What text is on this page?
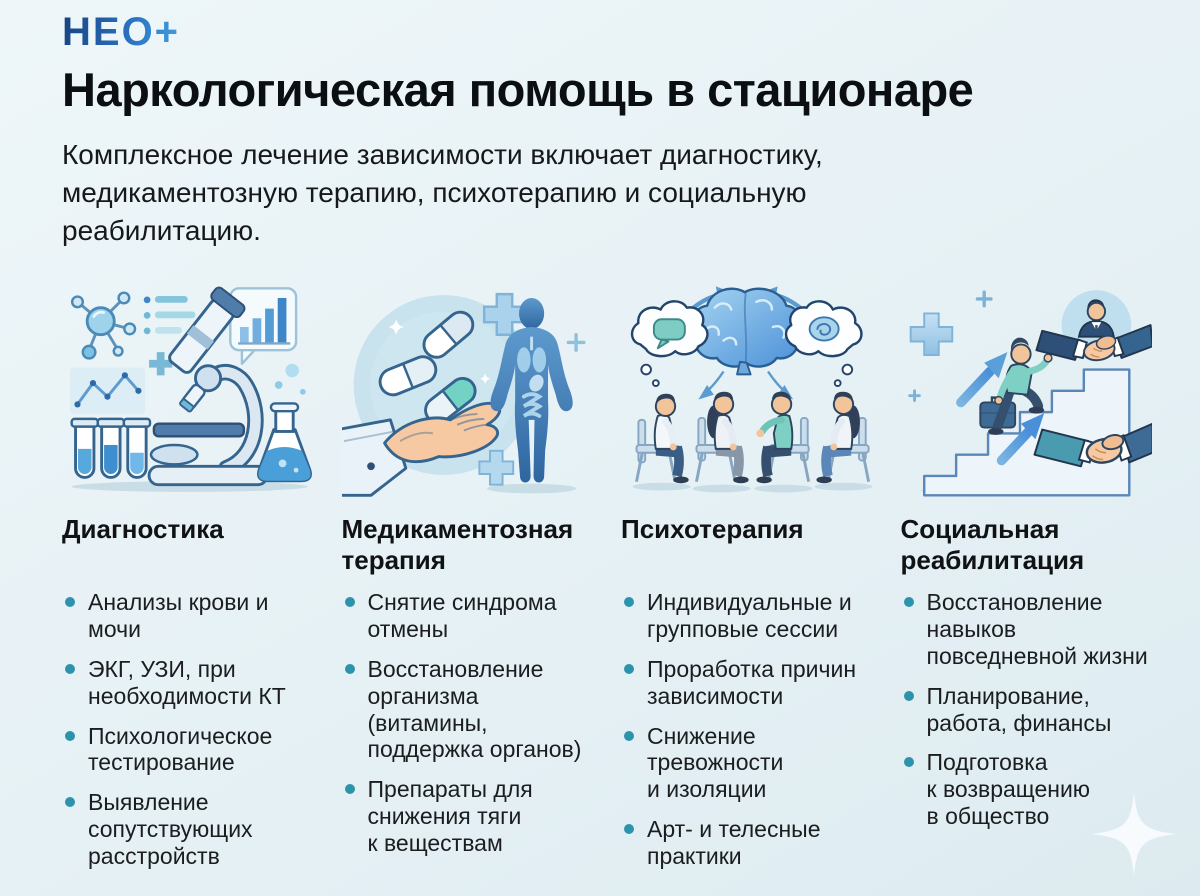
НЕО+
Наркологическая помощь в стационаре

Комплексное лечение зависимости включает диагностику, медикаментозную терапию, психотерапию и социальную реабилитацию.

Диагностика
Анализы крови и мочи
ЭКГ, УЗИ, при необходимости КТ
Психологическое тестирование
Выявление сопутствующих расстройств
Медикаментозная терапия
Снятие синдрома отмены
Восстановление организма (витамины, поддержка органов)
Препараты для снижения тяги к веществам
Психотерапия
Индивидуальные и групповые сессии
Проработка причин зависимости
Снижение тревожности и изоляции
Арт- и телесные практики
Социальная реабилитация
Восстановление навыков повседневной жизни
Планирование, работа, финансы
Подготовка к возвращению в общество
